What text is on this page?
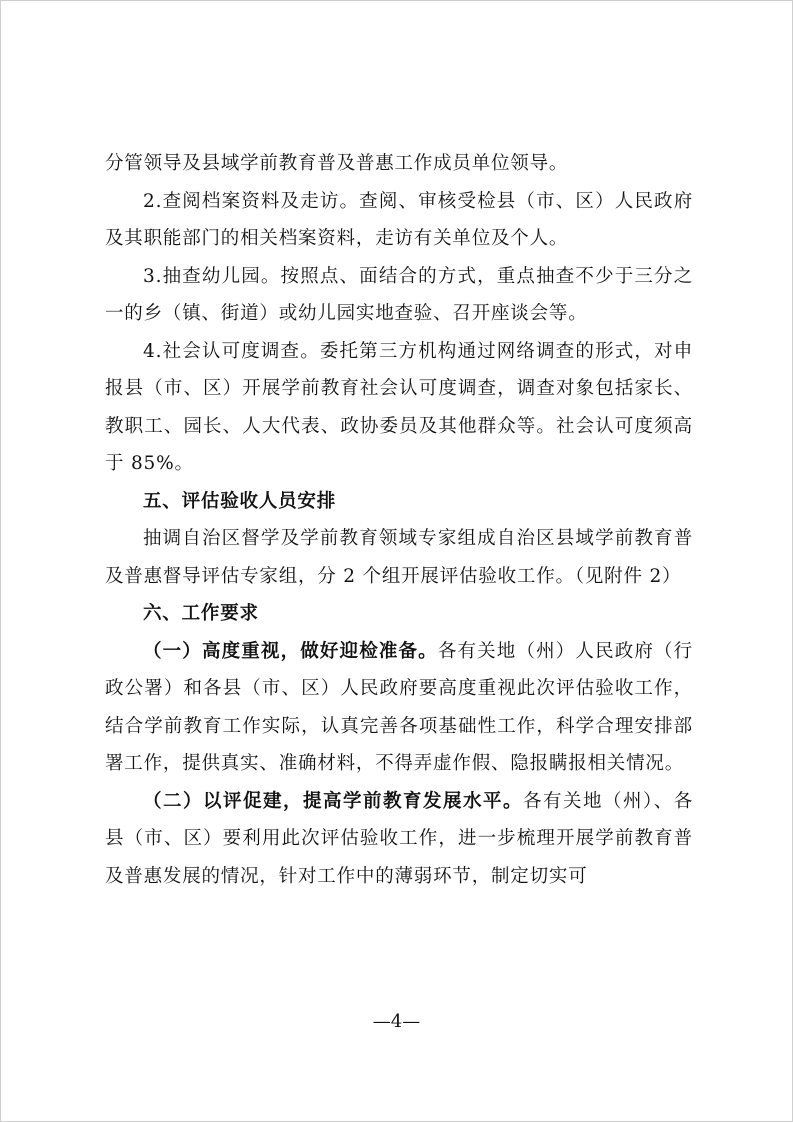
分管领导及县域学前教育普及普惠工作成员单位领导。

2.查阅档案资料及走访。查阅、审核受检县（市、区）人民政府及其职能部门的相关档案资料，走访有关单位及个人。

3.抽查幼儿园。按照点、面结合的方式，重点抽查不少于三分之一的乡（镇、街道）或幼儿园实地查验、召开座谈会等。

4.社会认可度调查。委托第三方机构通过网络调查的形式，对申报县（市、区）开展学前教育社会认可度调查，调查对象包括家长、教职工、园长、人大代表、政协委员及其他群众等。社会认可度须高于 85%。

五、评估验收人员安排

抽调自治区督学及学前教育领域专家组成自治区县域学前教育普及普惠督导评估专家组，分 2 个组开展评估验收工作。（见附件 2）

六、工作要求

（一）高度重视，做好迎检准备。各有关地（州）人民政府（行政公署）和各县（市、区）人民政府要高度重视此次评估验收工作，结合学前教育工作实际，认真完善各项基础性工作，科学合理安排部署工作，提供真实、准确材料，不得弄虚作假、隐报瞒报相关情况。

（二）以评促建，提高学前教育发展水平。各有关地（州）、各县（市、区）要利用此次评估验收工作，进一步梳理开展学前教育普及普惠发展的情况，针对工作中的薄弱环节，制定切实可

—4—
